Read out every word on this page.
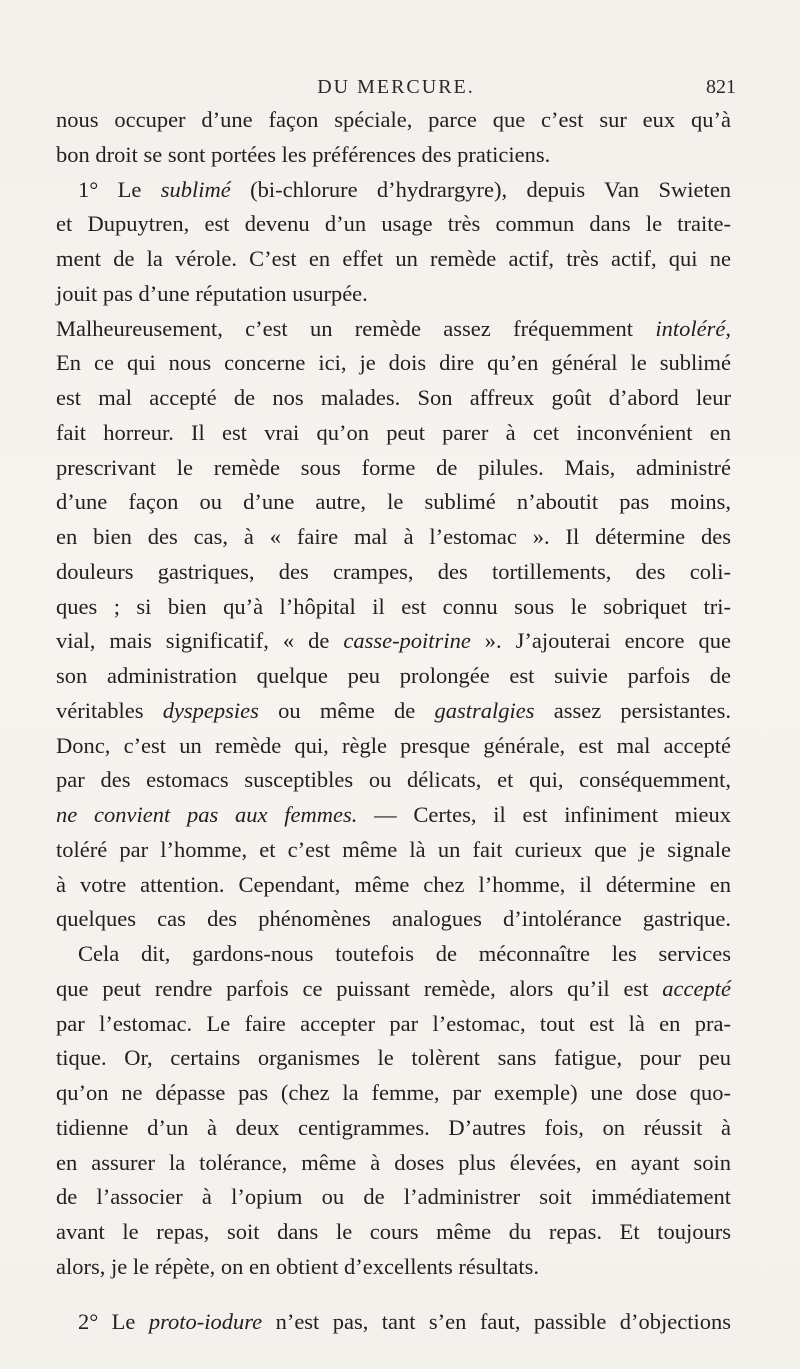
DU MERCURE.	821
nous occuper d’une façon spéciale, parce que c’est sur eux qu’à
bon droit se sont portées les préférences des praticiens.
1° Le sublimé (bi-chlorure d’hydrargyre), depuis Van Swieten
et Dupuytren, est devenu d’un usage très commun dans le traite-
ment de la vérole. C’est en effet un remède actif, très actif, qui ne
jouit pas d’une réputation usurpée.
Malheureusement, c’est un remède assez fréquemment intoléré,
En ce qui nous concerne ici, je dois dire qu’en général le sublimé
est mal accepté de nos malades. Son affreux goût d’abord leur
fait horreur. Il est vrai qu’on peut parer à cet inconvénient en
prescrivant le remède sous forme de pilules. Mais, administré
d’une façon ou d’une autre, le sublimé n’aboutit pas moins,
en bien des cas, à « faire mal à l’estomac ». Il détermine des
douleurs gastriques, des crampes, des tortillements, des coli-
ques ; si bien qu’à l’hôpital il est connu sous le sobriquet tri-
vial, mais significatif, « de casse-poitrine ». J’ajouterai encore que
son administration quelque peu prolongée est suivie parfois de
véritables dyspepsies ou même de gastralgies assez persistantes.
Donc, c’est un remède qui, règle presque générale, est mal accepté
par des estomacs susceptibles ou délicats, et qui, conséquemment,
ne convient pas aux femmes. — Certes, il est infiniment mieux
toléré par l’homme, et c’est même là un fait curieux que je signale
à votre attention. Cependant, même chez l’homme, il détermine en
quelques cas des phénomènes analogues d’intolérance gastrique.
Cela dit, gardons-nous toutefois de méconnaître les services
que peut rendre parfois ce puissant remède, alors qu’il est accepté
par l’estomac. Le faire accepter par l’estomac, tout est là en pra-
tique. Or, certains organismes le tolèrent sans fatigue, pour peu
qu’on ne dépasse pas (chez la femme, par exemple) une dose quo-
tidienne d’un à deux centigrammes. D’autres fois, on réussit à
en assurer la tolérance, même à doses plus élevées, en ayant soin
de l’associer à l’opium ou de l’administrer soit immédiatement
avant le repas, soit dans le cours même du repas. Et toujours
alors, je le répète, on en obtient d’excellents résultats.
2° Le proto-iodure n’est pas, tant s’en faut, passible d’objections
